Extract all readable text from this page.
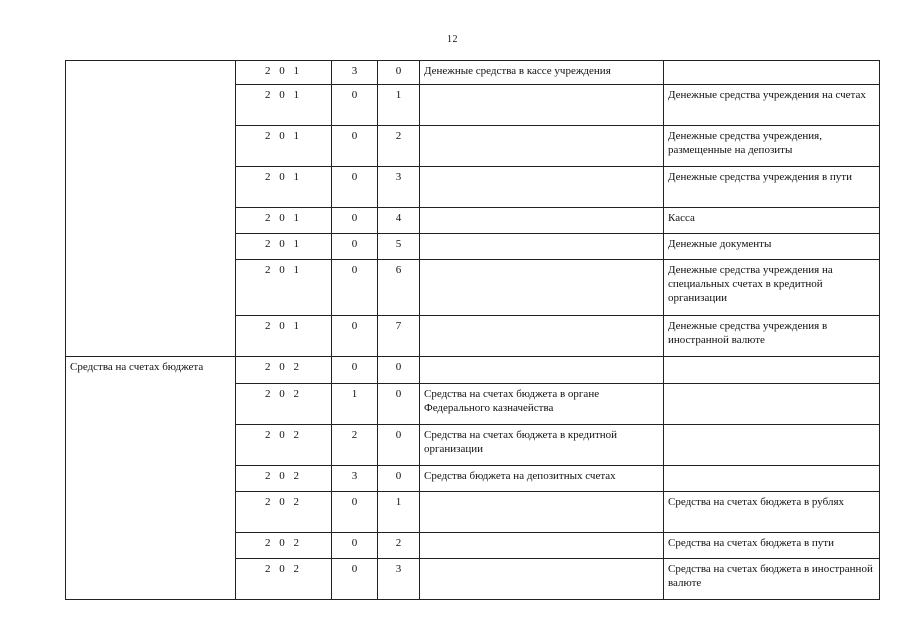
12
	2 0 1	3	0	Денежные средства в кассе учреждения	
	2 0 1	0	1		Денежные средства учреждения на счетах
	2 0 1	0	2		Денежные средства учреждения, размещенные на депозиты
	2 0 1	0	3		Денежные средства учреждения в пути
	2 0 1	0	4		Касса
	2 0 1	0	5		Денежные документы
	2 0 1	0	6		Денежные средства учреждения на специальных счетах в кредитной организации
	2 0 1	0	7		Денежные средства учреждения в иностранной валюте
Средства на счетах бюджета	2 0 2	0	0		
	2 0 2	1	0	Средства на счетах бюджета в органе Федерального казначейства	
	2 0 2	2	0	Средства на счетах бюджета в кредитной организации	
	2 0 2	3	0	Средства бюджета на депозитных счетах	
	2 0 2	0	1		Средства на счетах бюджета в рублях
	2 0 2	0	2		Средства на счетах бюджета в пути
	2 0 2	0	3		Средства на счетах бюджета в иностранной валюте
